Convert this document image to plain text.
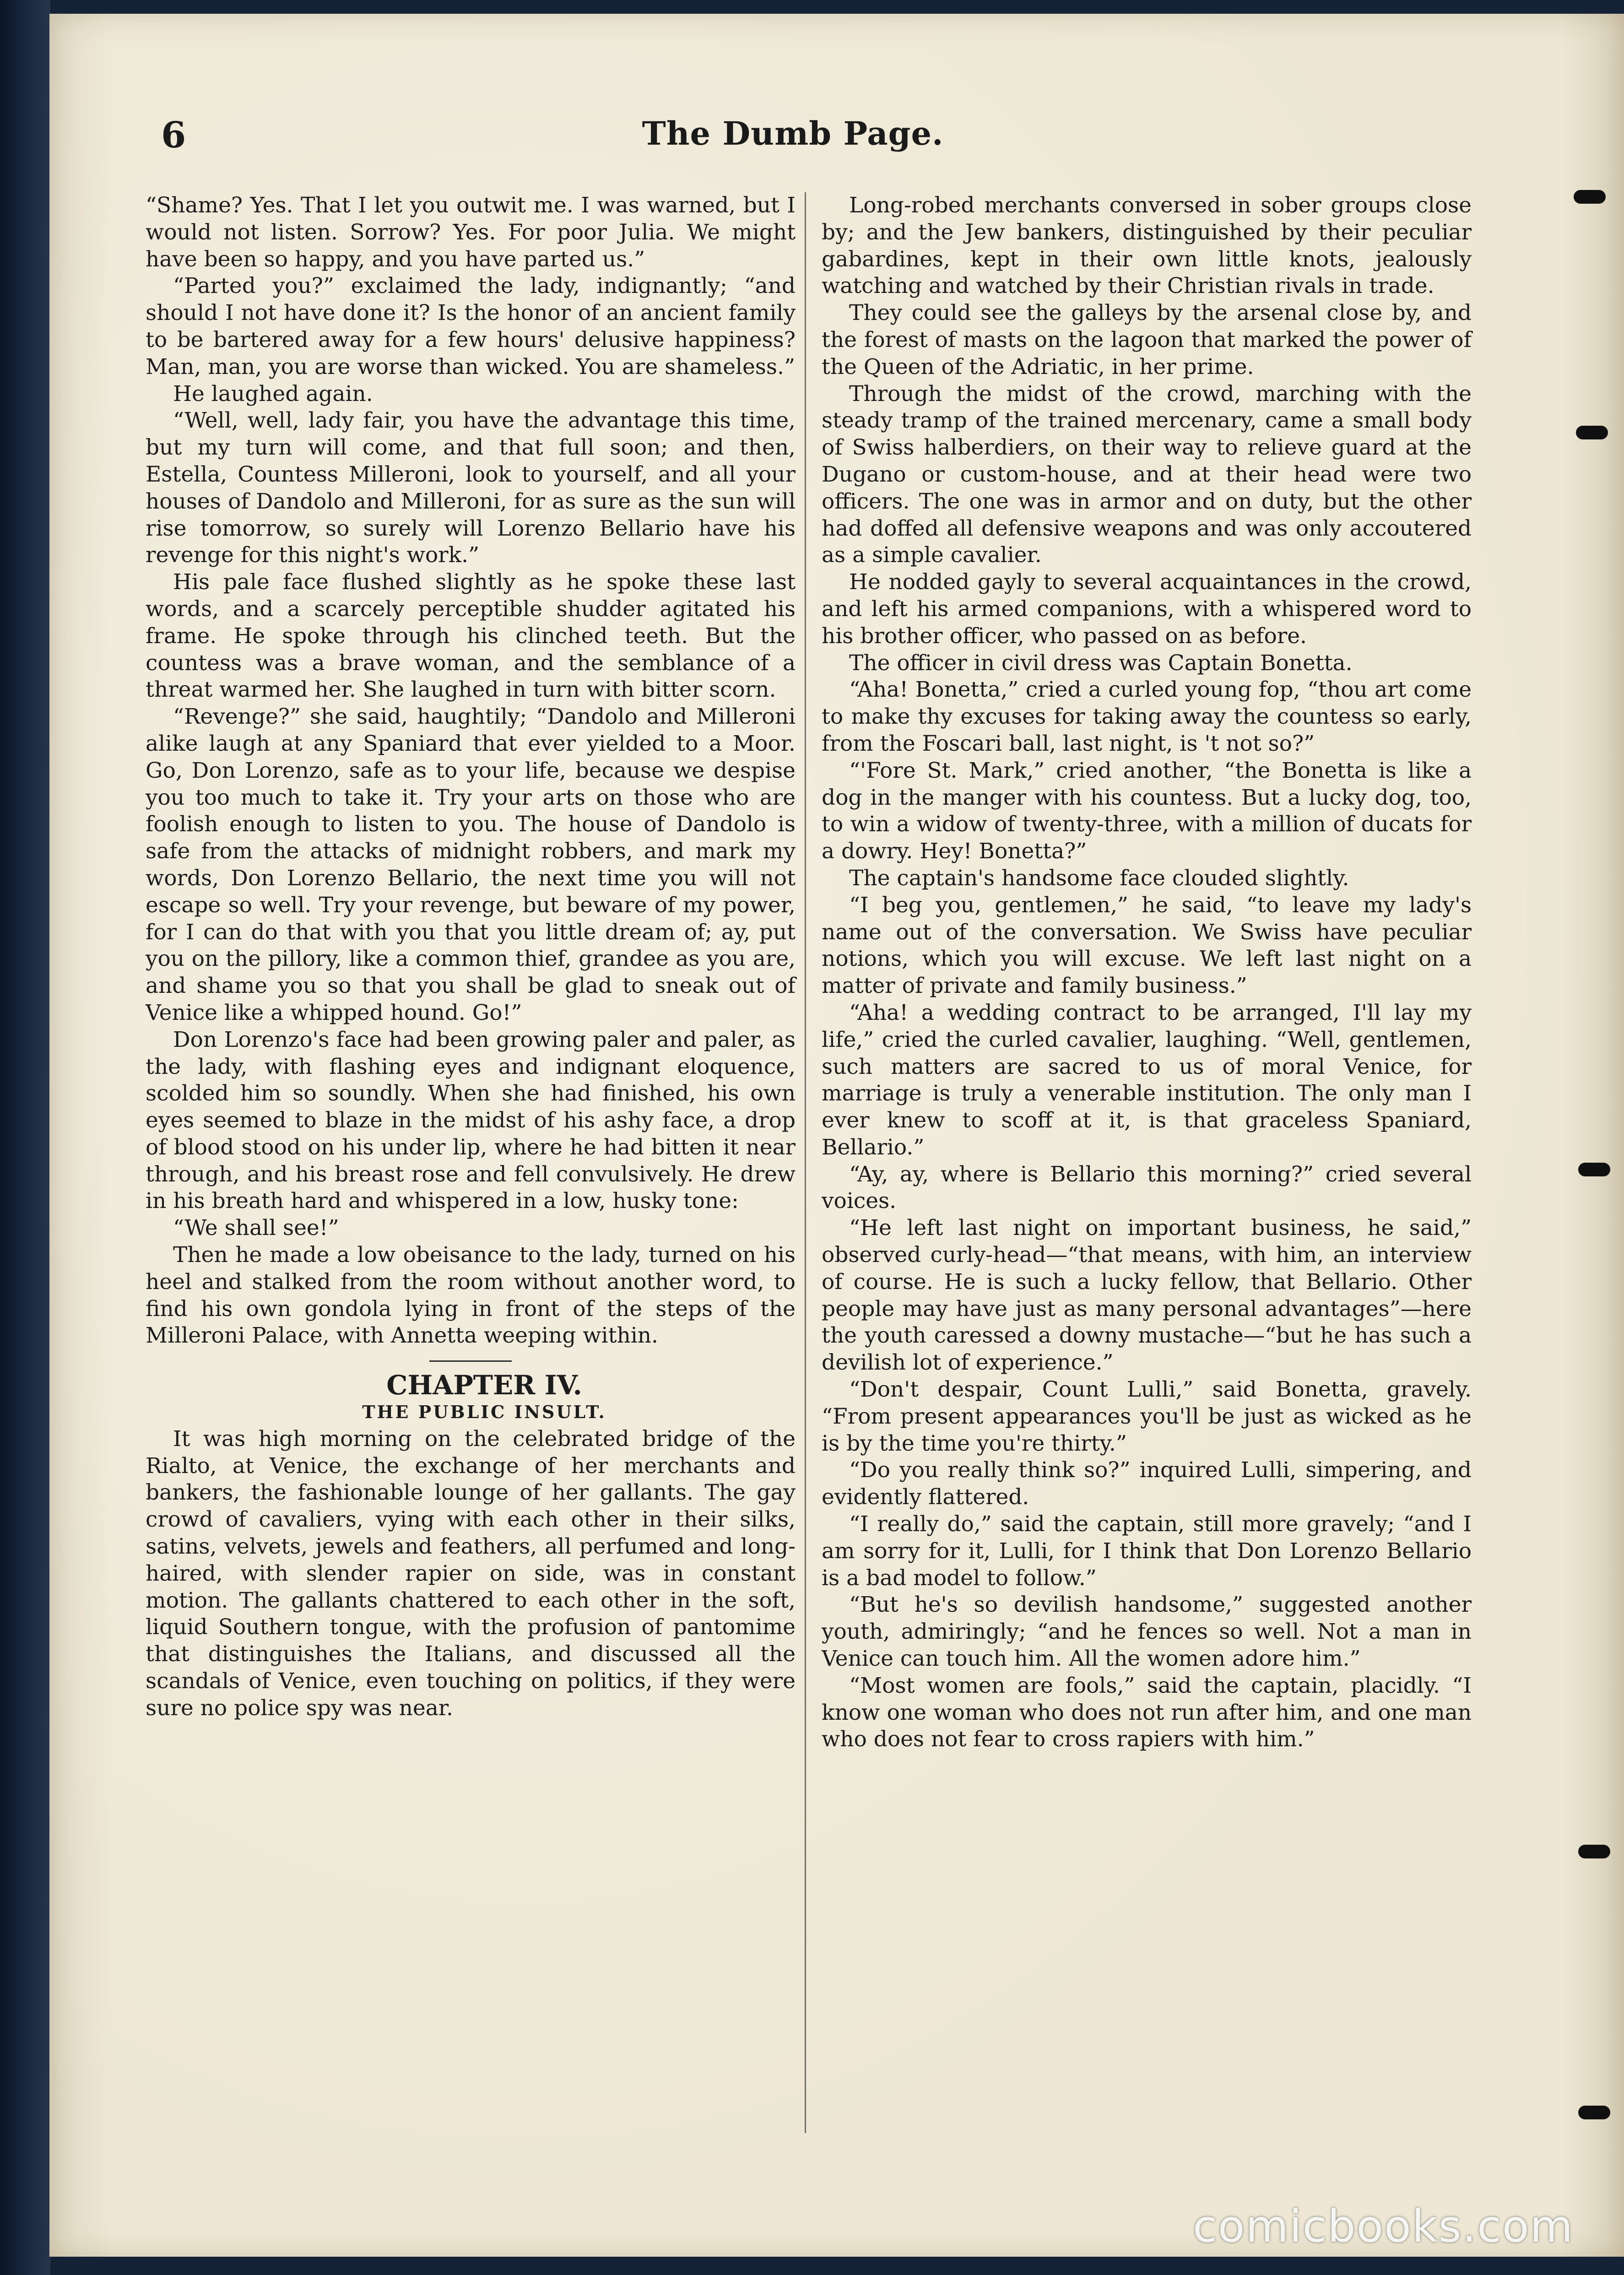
6	The Dumb Page.

“Shame? Yes. That I let you outwit me. I was warned, but I would not listen. Sorrow? Yes. For poor Julia. We might have been so happy, and you have parted us.”

“Parted you?” exclaimed the lady, indignantly; “and should I not have done it? Is the honor of an ancient family to be bartered away for a few hours' delusive happiness? Man, man, you are worse than wicked. You are shameless.”

He laughed again.

“Well, well, lady fair, you have the advantage this time, but my turn will come, and that full soon; and then, Estella, Countess Milleroni, look to yourself, and all your houses of Dandolo and Milleroni, for as sure as the sun will rise tomorrow, so surely will Lorenzo Bellario have his revenge for this night's work.”

His pale face flushed slightly as he spoke these last words, and a scarcely perceptible shudder agitated his frame. He spoke through his clinched teeth. But the countess was a brave woman, and the semblance of a threat warmed her. She laughed in turn with bitter scorn.

“Revenge?” she said, haughtily; “Dandolo and Milleroni alike laugh at any Spaniard that ever yielded to a Moor. Go, Don Lorenzo, safe as to your life, because we despise you too much to take it. Try your arts on those who are foolish enough to listen to you. The house of Dandolo is safe from the attacks of midnight robbers, and mark my words, Don Lorenzo Bellario, the next time you will not escape so well. Try your revenge, but beware of my power, for I can do that with you that you little dream of; ay, put you on the pillory, like a common thief, grandee as you are, and shame you so that you shall be glad to sneak out of Venice like a whipped hound. Go!”

Don Lorenzo's face had been growing paler and paler, as the lady, with flashing eyes and indignant eloquence, scolded him so soundly. When she had finished, his own eyes seemed to blaze in the midst of his ashy face, a drop of blood stood on his under lip, where he had bitten it near through, and his breast rose and fell convulsively. He drew in his breath hard and whispered in a low, husky tone:

“We shall see!”

Then he made a low obeisance to the lady, turned on his heel and stalked from the room without another word, to find his own gondola lying in front of the steps of the Milleroni Palace, with Annetta weeping within.

CHAPTER IV.

THE PUBLIC INSULT.

It was high morning on the celebrated bridge of the Rialto, at Venice, the exchange of her merchants and bankers, the fashionable lounge of her gallants. The gay crowd of cavaliers, vying with each other in their silks, satins, velvets, jewels and feathers, all perfumed and long-haired, with slender rapier on side, was in constant motion. The gallants chattered to each other in the soft, liquid Southern tongue, with the profusion of pantomime that distinguishes the Italians, and discussed all the scandals of Venice, even touching on politics, if they were sure no police spy was near.

Long-robed merchants conversed in sober groups close by; and the Jew bankers, distinguished by their peculiar gabardines, kept in their own little knots, jealously watching and watched by their Christian rivals in trade.

They could see the galleys by the arsenal close by, and the forest of masts on the lagoon that marked the power of the Queen of the Adriatic, in her prime.

Through the midst of the crowd, marching with the steady tramp of the trained mercenary, came a small body of Swiss halberdiers, on their way to relieve guard at the Dugano or custom-house, and at their head were two officers. The one was in armor and on duty, but the other had doffed all defensive weapons and was only accoutered as a simple cavalier.

He nodded gayly to several acquaintances in the crowd, and left his armed companions, with a whispered word to his brother officer, who passed on as before.

The officer in civil dress was Captain Bonetta.

“Aha! Bonetta,” cried a curled young fop, “thou art come to make thy excuses for taking away the countess so early, from the Foscari ball, last night, is 't not so?”

“'Fore St. Mark,” cried another, “the Bonetta is like a dog in the manger with his countess. But a lucky dog, too, to win a widow of twenty-three, with a million of ducats for a dowry. Hey! Bonetta?”

The captain's handsome face clouded slightly.

“I beg you, gentlemen,” he said, “to leave my lady's name out of the conversation. We Swiss have peculiar notions, which you will excuse. We left last night on a matter of private and family business.”

“Aha! a wedding contract to be arranged, I'll lay my life,” cried the curled cavalier, laughing. “Well, gentlemen, such matters are sacred to us of moral Venice, for marriage is truly a venerable institution. The only man I ever knew to scoff at it, is that graceless Spaniard, Bellario.”

“Ay, ay, where is Bellario this morning?” cried several voices.

“He left last night on important business, he said,” observed curly-head—“that means, with him, an interview of course. He is such a lucky fellow, that Bellario. Other people may have just as many personal advantages”—here the youth caressed a downy mustache—“but he has such a devilish lot of experience.”

“Don't despair, Count Lulli,” said Bonetta, gravely. “From present appearances you'll be just as wicked as he is by the time you're thirty.”

“Do you really think so?” inquired Lulli, simpering, and evidently flattered.

“I really do,” said the captain, still more gravely; “and I am sorry for it, Lulli, for I think that Don Lorenzo Bellario is a bad model to follow.”

“But he's so devilish handsome,” suggested another youth, admiringly; “and he fences so well. Not a man in Venice can touch him. All the women adore him.”

“Most women are fools,” said the captain, placidly. “I know one woman who does not run after him, and one man who does not fear to cross rapiers with him.”

comicbooks.com
